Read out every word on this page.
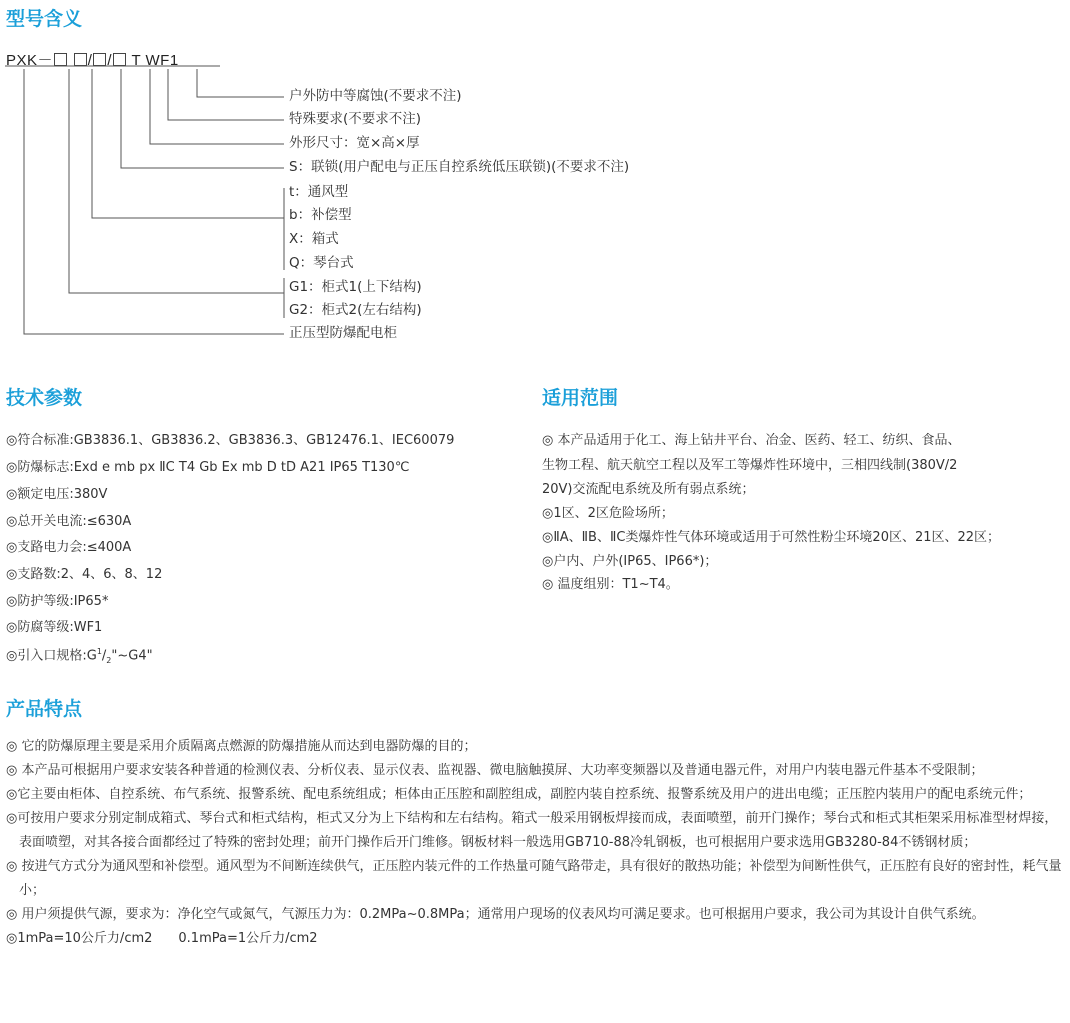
型号含义
PXK－ / / T WF1
户外防中等腐蚀(不要求不注)
特殊要求(不要求不注)
外形尺寸：宽×高×厚
S：联锁(用户配电与正压自控系统低压联锁)(不要求不注)
t：通风型
b：补偿型
X：箱式
Q：琴台式
G1：柜式1(上下结构)
G2：柜式2(左右结构)
正压型防爆配电柜
技术参数
◎符合标准:GB3836.1、GB3836.2、GB3836.3、GB12476.1、IEC60079
◎防爆标志:Exd e mb px ⅡC T4 Gb Ex mb D tD A21 IP65 T130℃
◎额定电压:380V
◎总开关电流:≤630A
◎支路电力会:≤400A
◎支路数:2、4、6、8、12
◎防护等级:IP65*
◎防腐等级:WF1
◎引入口规格$:G^1/_2"\sim G4$"
适用范围
◎ 本产品适用于化工、海上钻井平台、冶金、医药、轻工、纺织、食品、
生物工程、航天航空工程以及军工等爆炸性环境中，三相四线制(380V/2
20V)交流配电系统及所有弱点系统；
◎1区、2区危险场所；
◎ⅡA、ⅡB、ⅡC类爆炸性气体环境或适用于可然性粉尘环境20区、21区、22区；
◎户内、户外(IP65、IP66*)；
◎ 温度组别：T1~T4。
产品特点

◎ 它的防爆原理主要是采用介质隔离点燃源的防爆措施从而达到电器防爆的目的；

◎ 本产品可根据用户要求安装各种普通的检测仪表、分析仪表、显示仪表、监视器、微电脑触摸屏、大功率变频器以及普通电器元件，对用户内装电器元件基本不受限制；

◎它主要由柜体、自控系统、布气系统、报警系统、配电系统组成；柜体由正压腔和副腔组成，副腔内装自控系统、报警系统及用户的进出电缆；正压腔内装用户的配电系统元件；

◎可按用户要求分别定制成箱式、琴台式和柜式结构，柜式又分为上下结构和左右结构。箱式一般采用钢板焊接而成，表面喷塑，前开门操作；琴台式和柜式其柜架采用标准型材焊接，表面喷塑，对其各接合面都经过了特殊的密封处理；前开门操作后开门维修。钢板材料一般选用GB710-88冷轧钢板，也可根据用户要求选用GB3280-84不锈钢材质；

◎ 按进气方式分为通风型和补偿型。通风型为不间断连续供气，正压腔内装元件的工作热量可随气路带走，具有很好的散热功能；补偿型为间断性供气，正压腔有良好的密封性，耗气量小；

◎ 用户须提供气源，要求为：净化空气或氮气，气源压力为：0.2MPa~0.8MPa；通常用户现场的仪表风均可满足要求。也可根据用户要求，我公司为其设计自供气系统。

◎1mPa=10公斤力/cm2　　0.1mPa=1公斤力/cm2
